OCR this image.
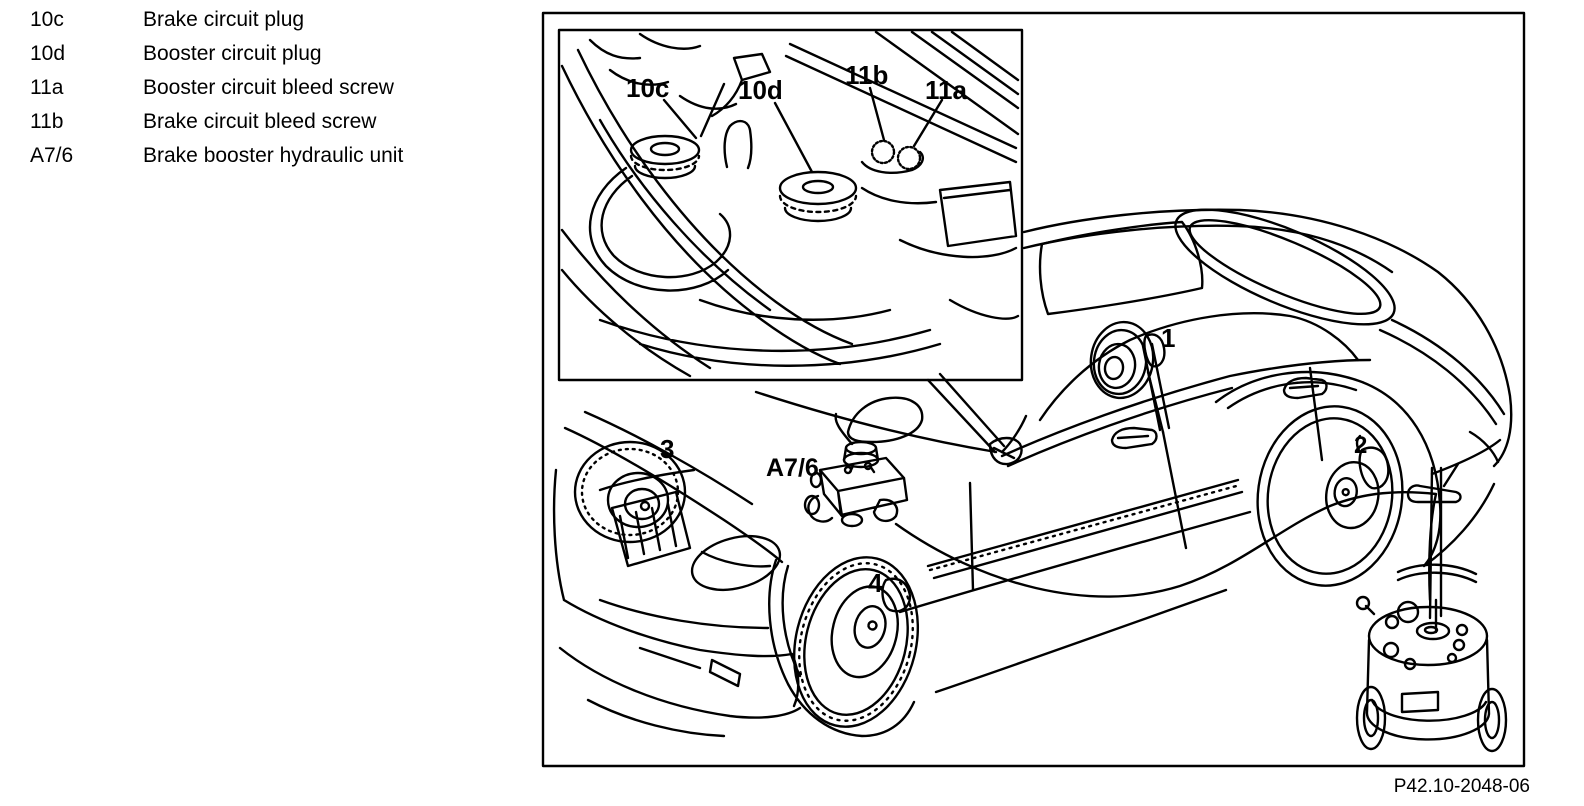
10c	Brake circuit plug
10d	Booster circuit plug
11a	Booster circuit bleed screw
11b	Brake circuit bleed screw
A7/6	Brake booster hydraulic unit
10c	10d 11b 11a
1
2
3
4
A7/6
P42.10-2048-06
